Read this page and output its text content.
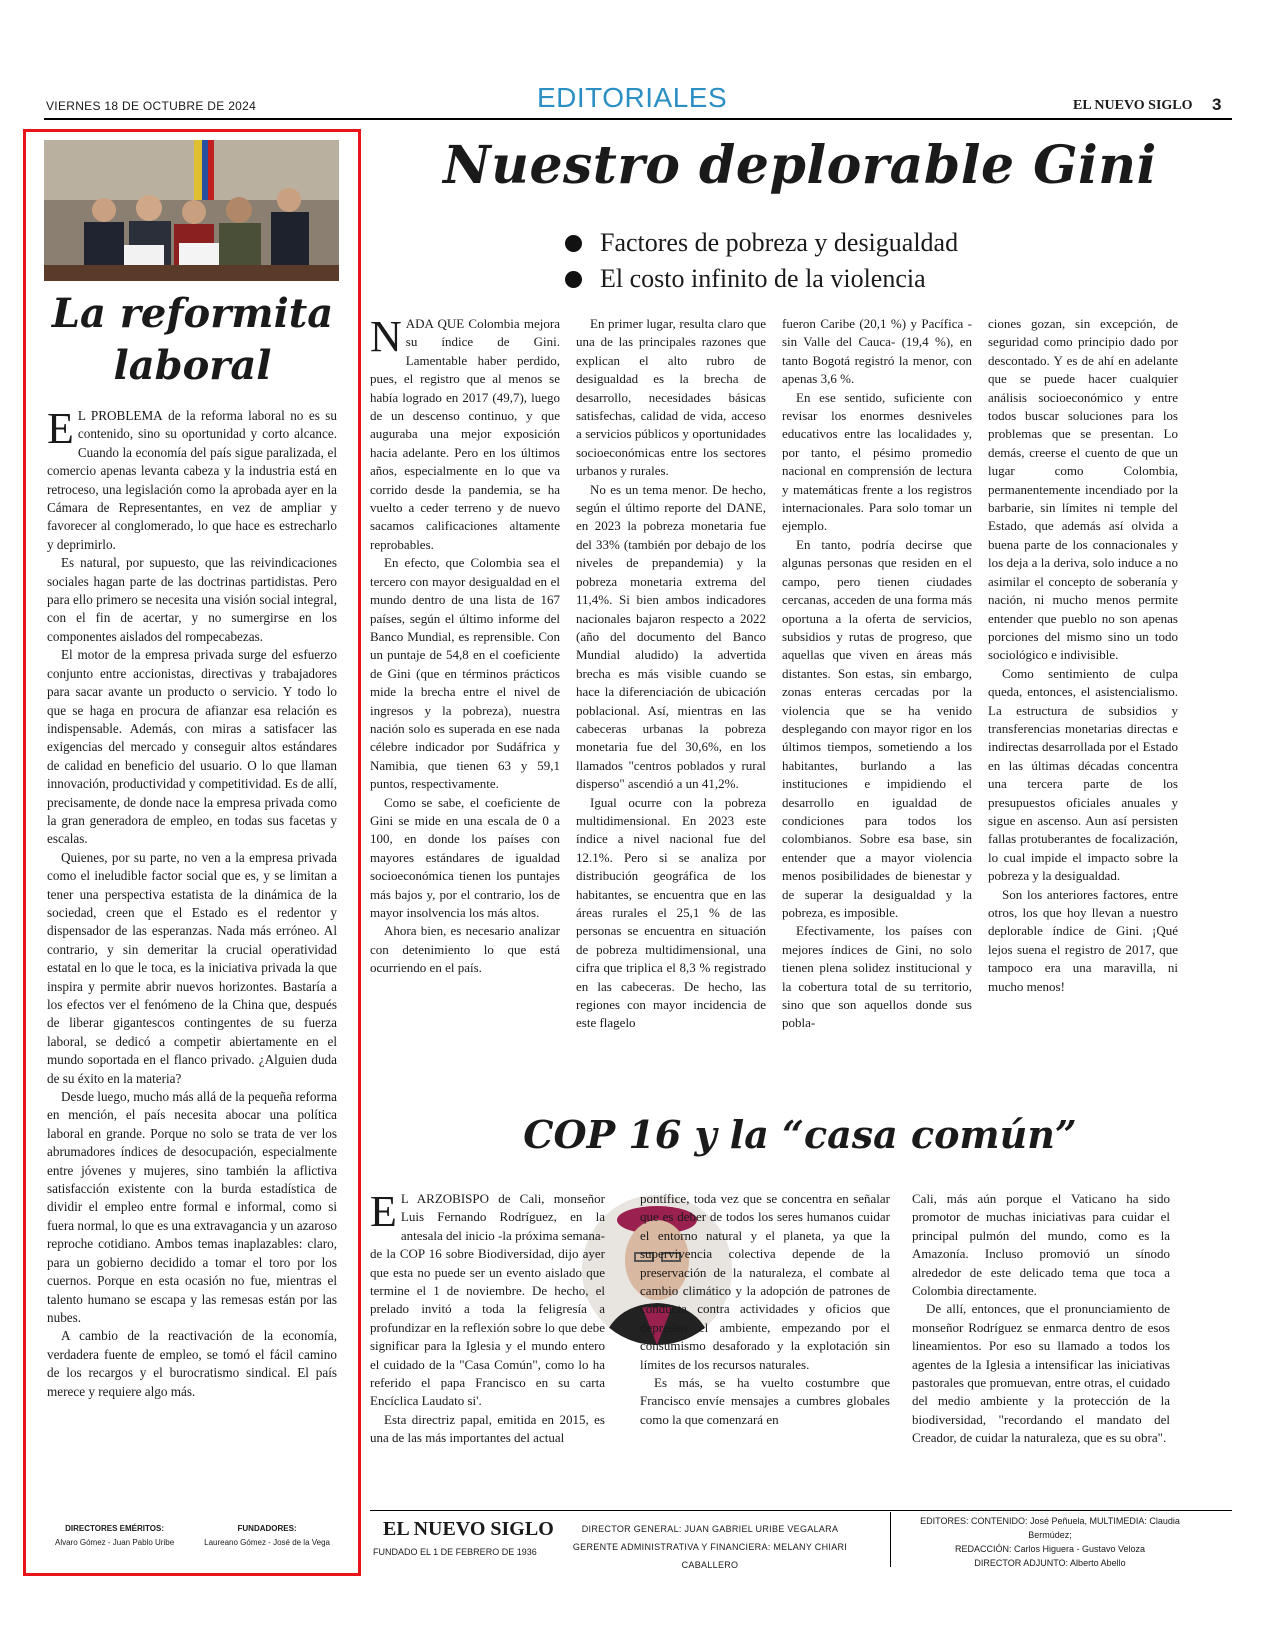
VIERNES 18 DE OCTUBRE DE 2024	EDITORIALES	EL NUEVO SIGLO 3
La reformita laboral

E L PROBLEMA de la reforma laboral no es su contenido, sino su oportunidad y corto alcance. Cuando la economía del país sigue paralizada, el comercio apenas levanta cabeza y la industria está en retroceso, una legislación como la aprobada ayer en la Cámara de Representantes, en vez de ampliar y favorecer al conglomerado, lo que hace es estrecharlo y deprimirlo.

Es natural, por supuesto, que las reivindicaciones sociales hagan parte de las doctrinas partidistas. Pero para ello primero se necesita una visión social integral, con el fin de acertar, y no sumergirse en los componentes aislados del rompecabezas.

El motor de la empresa privada surge del esfuerzo conjunto entre accionistas, directivas y trabajadores para sacar avante un producto o servicio. Y todo lo que se haga en procura de afianzar esa relación es indispensable. Además, con miras a satisfacer las exigencias del mercado y conseguir altos estándares de calidad en beneficio del usuario. O lo que llaman innovación, productividad y competitividad. Es de allí, precisamente, de donde nace la empresa privada como la gran generadora de empleo, en todas sus facetas y escalas.

Quienes, por su parte, no ven a la empresa privada como el ineludible factor social que es, y se limitan a tener una perspectiva estatista de la dinámica de la sociedad, creen que el Estado es el redentor y dispensador de las esperanzas. Nada más erróneo. Al contrario, y sin demeritar la crucial operatividad estatal en lo que le toca, es la iniciativa privada la que inspira y permite abrir nuevos horizontes. Bastaría a los efectos ver el fenómeno de la China que, después de liberar gigantescos contingentes de su fuerza laboral, se dedicó a competir abiertamente en el mundo soportada en el flanco privado. ¿Alguien duda de su éxito en la materia?

Desde luego, mucho más allá de la pequeña reforma en mención, el país necesita abocar una política laboral en grande. Porque no solo se trata de ver los abrumadores índices de desocupación, especialmente entre jóvenes y mujeres, sino también la aflictiva satisfacción existente con la burda estadística de dividir el empleo entre formal e informal, como si fuera normal, lo que es una extravagancia y un azaroso reproche cotidiano. Ambos temas inaplazables: claro, para un gobierno decidido a tomar el toro por los cuernos. Porque en esta ocasión no fue, mientras el talento humano se escapa y las remesas están por las nubes.

A cambio de la reactivación de la economía, verdadera fuente de empleo, se tomó el fácil camino de los recargos y el burocratismo sindical. El país merece y requiere algo más.

DIRECTORES EMÉRITOS:
Alvaro Gómez - Juan Pablo Uribe
FUNDADORES:
Laureano Gómez - José de la Vega
Nuestro deplorable Gini
Factores de pobreza y desigualdad
El costo infinito de la violencia

NADA QUE Colombia mejora su índice de Gini. Lamentable haber perdido, pues, el registro que al menos se había logrado en 2017 (49,7), luego de un descenso continuo, y que auguraba una mejor exposición hacia adelante. Pero en los últimos años, especialmente en lo que va corrido desde la pandemia, se ha vuelto a ceder terreno y de nuevo sacamos calificaciones altamente reprobables.

En efecto, que Colombia sea el tercero con mayor desigualdad en el mundo dentro de una lista de 167 países, según el último informe del Banco Mundial, es reprensible. Con un puntaje de 54,8 en el coeficiente de Gini (que en términos prácticos mide la brecha entre el nivel de ingresos y la pobreza), nuestra nación solo es superada en ese nada célebre indicador por Sudáfrica y Namibia, que tienen 63 y 59,1 puntos, respectivamente.

Como se sabe, el coeficiente de Gini se mide en una escala de 0 a 100, en donde los países con mayores estándares de igualdad socioeconómica tienen los puntajes más bajos y, por el contrario, los de mayor insolvencia los más altos.

Ahora bien, es necesario analizar con detenimiento lo que está ocurriendo en el país.

En primer lugar, resulta claro que una de las principales razones que explican el alto rubro de desigualdad es la brecha de desarrollo, necesidades básicas satisfechas, calidad de vida, acceso a servicios públicos y oportunidades socioeconómicas entre los sectores urbanos y rurales.

No es un tema menor. De hecho, según el último reporte del DANE, en 2023 la pobreza monetaria fue del 33% (también por debajo de los niveles de prepandemia) y la pobreza monetaria extrema del 11,4%. Si bien ambos indicadores nacionales bajaron respecto a 2022 (año del documento del Banco Mundial aludido) la advertida brecha es más visible cuando se hace la diferenciación de ubicación poblacional. Así, mientras en las cabeceras urbanas la pobreza monetaria fue del 30,6%, en los llamados "centros poblados y rural disperso" ascendió a un 41,2%.

Igual ocurre con la pobreza multidimensional. En 2023 este índice a nivel nacional fue del 12.1%. Pero si se analiza por distribución geográfica de los habitantes, se encuentra que en las áreas rurales el 25,1 % de las personas se encuentra en situación de pobreza multidimensional, una cifra que triplica el 8,3 % registrado en las cabeceras. De hecho, las regiones con mayor incidencia de este flagelo

fueron Caribe (20,1 %) y Pacífica -sin Valle del Cauca- (19,4 %), en tanto Bogotá registró la menor, con apenas 3,6 %.

En ese sentido, suficiente con revisar los enormes desniveles educativos entre las localidades y, por tanto, el pésimo promedio nacional en comprensión de lectura y matemáticas frente a los registros internacionales. Para solo tomar un ejemplo.

En tanto, podría decirse que algunas personas que residen en el campo, pero tienen ciudades cercanas, acceden de una forma más oportuna a la oferta de servicios, subsidios y rutas de progreso, que aquellas que viven en áreas más distantes. Son estas, sin embargo, zonas enteras cercadas por la violencia que se ha venido desplegando con mayor rigor en los últimos tiempos, sometiendo a los habitantes, burlando a las instituciones e impidiendo el desarrollo en igualdad de condiciones para todos los colombianos. Sobre esa base, sin entender que a mayor violencia menos posibilidades de bienestar y de superar la desigualdad y la pobreza, es imposible.

Efectivamente, los países con mejores índices de Gini, no solo tienen plena solidez institucional y la cobertura total de su territorio, sino que son aquellos donde sus pobla-

ciones gozan, sin excepción, de seguridad como principio dado por descontado. Y es de ahí en adelante que se puede hacer cualquier análisis socioeconómico y entre todos buscar soluciones para los problemas que se presentan. Lo demás, creerse el cuento de que un lugar como Colombia, permanentemente incendiado por la barbarie, sin límites ni temple del Estado, que además así olvida a buena parte de los connacionales y los deja a la deriva, solo induce a no asimilar el concepto de soberanía y nación, ni mucho menos permite entender que pueblo no son apenas porciones del mismo sino un todo sociológico e indivisible.

Como sentimiento de culpa queda, entonces, el asistencialismo. La estructura de subsidios y transferencias monetarias directas e indirectas desarrollada por el Estado en las últimas décadas concentra una tercera parte de los presupuestos oficiales anuales y sigue en ascenso. Aun así persisten fallas protuberantes de focalización, lo cual impide el impacto sobre la pobreza y la desigualdad.

Son los anteriores factores, entre otros, los que hoy llevan a nuestro deplorable índice de Gini. ¡Qué lejos suena el registro de 2017, que tampoco era una maravilla, ni mucho menos!

COP 16 y la “casa común”

E L ARZOBISPO de Cali, monseñor Luis Fernando Rodríguez, en la antesala del inicio -la próxima semana- de la COP 16 sobre Biodiversidad, dijo ayer que esta no puede ser un evento aislado que termine el 1 de noviembre. De hecho, el prelado invitó a toda la feligresía a profundizar en la reflexión sobre lo que debe significar para la Iglesia y el mundo entero el cuidado de la "Casa Común", como lo ha referido el papa Francisco en su carta Encíclica Laudato si'.

Esta directriz papal, emitida en 2015, es una de las más importantes del actual

pontífice, toda vez que se concentra en señalar que es deber de todos los seres humanos cuidar el entorno natural y el planeta, ya que la supervivencia colectiva depende de la preservación de la naturaleza, el combate al cambio climático y la adopción de patrones de conducta contra actividades y oficios que depreden el ambiente, empezando por el consumismo desaforado y la explotación sin límites de los recursos naturales.

Es más, se ha vuelto costumbre que Francisco envíe mensajes a cumbres globales como la que comenzará en

Cali, más aún porque el Vaticano ha sido promotor de muchas iniciativas para cuidar el principal pulmón del mundo, como es la Amazonía. Incluso promovió un sínodo alrededor de este delicado tema que toca a Colombia directamente.

De allí, entonces, que el pronunciamiento de monseñor Rodríguez se enmarca dentro de esos lineamientos. Por eso su llamado a todos los agentes de la Iglesia a intensificar las iniciativas pastorales que promuevan, entre otras, el cuidado del medio ambiente y la protección de la biodiversidad, "recordando el mandato del Creador, de cuidar la naturaleza, que es su obra".

EL NUEVO SIGLO
FUNDADO EL 1 DE FEBRERO DE 1936
DIRECTOR GENERAL: JUAN GABRIEL URIBE VEGALARA
GERENTE ADMINISTRATIVA Y FINANCIERA: MELANY CHIARI CABALLERO
EDITORES: CONTENIDO: José Peñuela, MULTIMEDIA: Claudia Bermúdez;
REDACCIÓN: Carlos Higuera - Gustavo Veloza
DIRECTOR ADJUNTO: Alberto Abello
